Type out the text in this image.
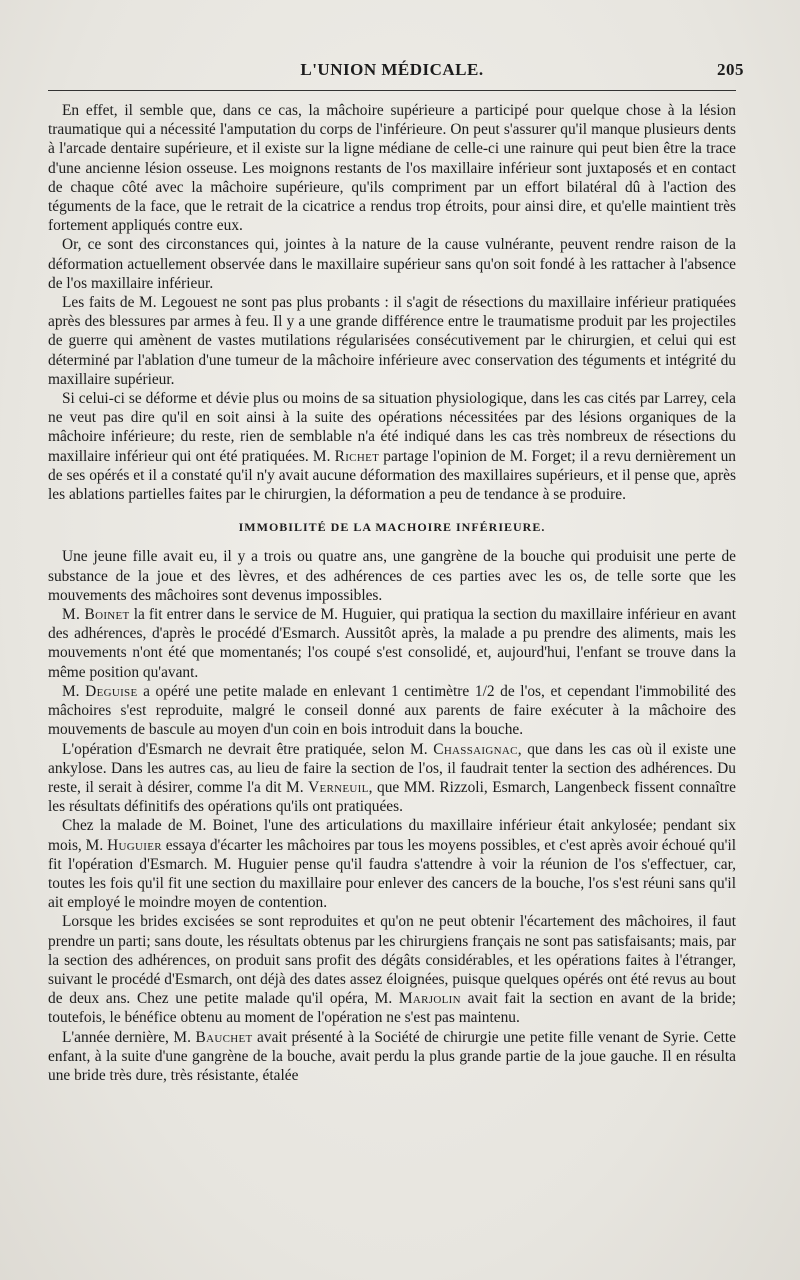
L'UNION MÉDICALE.	205

En effet, il semble que, dans ce cas, la mâchoire supérieure a participé pour quelque chose à la lésion traumatique qui a nécessité l'amputation du corps de l'inférieure. On peut s'assurer qu'il manque plusieurs dents à l'arcade dentaire supérieure, et il existe sur la ligne médiane de celle-ci une rainure qui peut bien être la trace d'une ancienne lésion osseuse. Les moignons restants de l'os maxillaire inférieur sont juxtaposés et en contact de chaque côté avec la mâchoire supérieure, qu'ils compriment par un effort bilatéral dû à l'action des téguments de la face, que le retrait de la cicatrice a rendus trop étroits, pour ainsi dire, et qu'elle maintient très fortement appliqués contre eux.

Or, ce sont des circonstances qui, jointes à la nature de la cause vulnérante, peuvent rendre raison de la déformation actuellement observée dans le maxillaire supérieur sans qu'on soit fondé à les rattacher à l'absence de l'os maxillaire inférieur.

Les faits de M. Legouest ne sont pas plus probants : il s'agit de résections du maxillaire inférieur pratiquées après des blessures par armes à feu. Il y a une grande différence entre le traumatisme produit par les projectiles de guerre qui amènent de vastes mutilations régularisées consécutivement par le chirurgien, et celui qui est déterminé par l'ablation d'une tumeur de la mâchoire inférieure avec conservation des téguments et intégrité du maxillaire supérieur.

Si celui-ci se déforme et dévie plus ou moins de sa situation physiologique, dans les cas cités par Larrey, cela ne veut pas dire qu'il en soit ainsi à la suite des opérations nécessitées par des lésions organiques de la mâchoire inférieure; du reste, rien de semblable n'a été indiqué dans les cas très nombreux de résections du maxillaire inférieur qui ont été pratiquées. M. Richet partage l'opinion de M. Forget; il a revu dernièrement un de ses opérés et il a constaté qu'il n'y avait aucune déformation des maxillaires supérieurs, et il pense que, après les ablations partielles faites par le chirurgien, la déformation a peu de tendance à se produire.

IMMOBILITÉ DE LA MACHOIRE INFÉRIEURE.

Une jeune fille avait eu, il y a trois ou quatre ans, une gangrène de la bouche qui produisit une perte de substance de la joue et des lèvres, et des adhérences de ces parties avec les os, de telle sorte que les mouvements des mâchoires sont devenus impossibles.

M. Boinet la fit entrer dans le service de M. Huguier, qui pratiqua la section du maxillaire inférieur en avant des adhérences, d'après le procédé d'Esmarch. Aussitôt après, la malade a pu prendre des aliments, mais les mouvements n'ont été que momentanés; l'os coupé s'est consolidé, et, aujourd'hui, l'enfant se trouve dans la même position qu'avant.

M. Deguise a opéré une petite malade en enlevant 1 centimètre 1/2 de l'os, et cependant l'immobilité des mâchoires s'est reproduite, malgré le conseil donné aux parents de faire exécuter à la mâchoire des mouvements de bascule au moyen d'un coin en bois introduit dans la bouche.

L'opération d'Esmarch ne devrait être pratiquée, selon M. Chassaignac, que dans les cas où il existe une ankylose. Dans les autres cas, au lieu de faire la section de l'os, il faudrait tenter la section des adhérences. Du reste, il serait à désirer, comme l'a dit M. Verneuil, que MM. Rizzoli, Esmarch, Langenbeck fissent connaître les résultats définitifs des opérations qu'ils ont pratiquées.

Chez la malade de M. Boinet, l'une des articulations du maxillaire inférieur était ankylosée; pendant six mois, M. Huguier essaya d'écarter les mâchoires par tous les moyens possibles, et c'est après avoir échoué qu'il fit l'opération d'Esmarch. M. Huguier pense qu'il faudra s'attendre à voir la réunion de l'os s'effectuer, car, toutes les fois qu'il fit une section du maxillaire pour enlever des cancers de la bouche, l'os s'est réuni sans qu'il ait employé le moindre moyen de contention.

Lorsque les brides excisées se sont reproduites et qu'on ne peut obtenir l'écartement des mâchoires, il faut prendre un parti; sans doute, les résultats obtenus par les chirurgiens français ne sont pas satisfaisants; mais, par la section des adhérences, on produit sans profit des dégâts considérables, et les opérations faites à l'étranger, suivant le procédé d'Esmarch, ont déjà des dates assez éloignées, puisque quelques opérés ont été revus au bout de deux ans. Chez une petite malade qu'il opéra, M. Marjolin avait fait la section en avant de la bride; toutefois, le bénéfice obtenu au moment de l'opération ne s'est pas maintenu.

L'année dernière, M. Bauchet avait présenté à la Société de chirurgie une petite fille venant de Syrie. Cette enfant, à la suite d'une gangrène de la bouche, avait perdu la plus grande partie de la joue gauche. Il en résulta une bride très dure, très résistante, étalée
